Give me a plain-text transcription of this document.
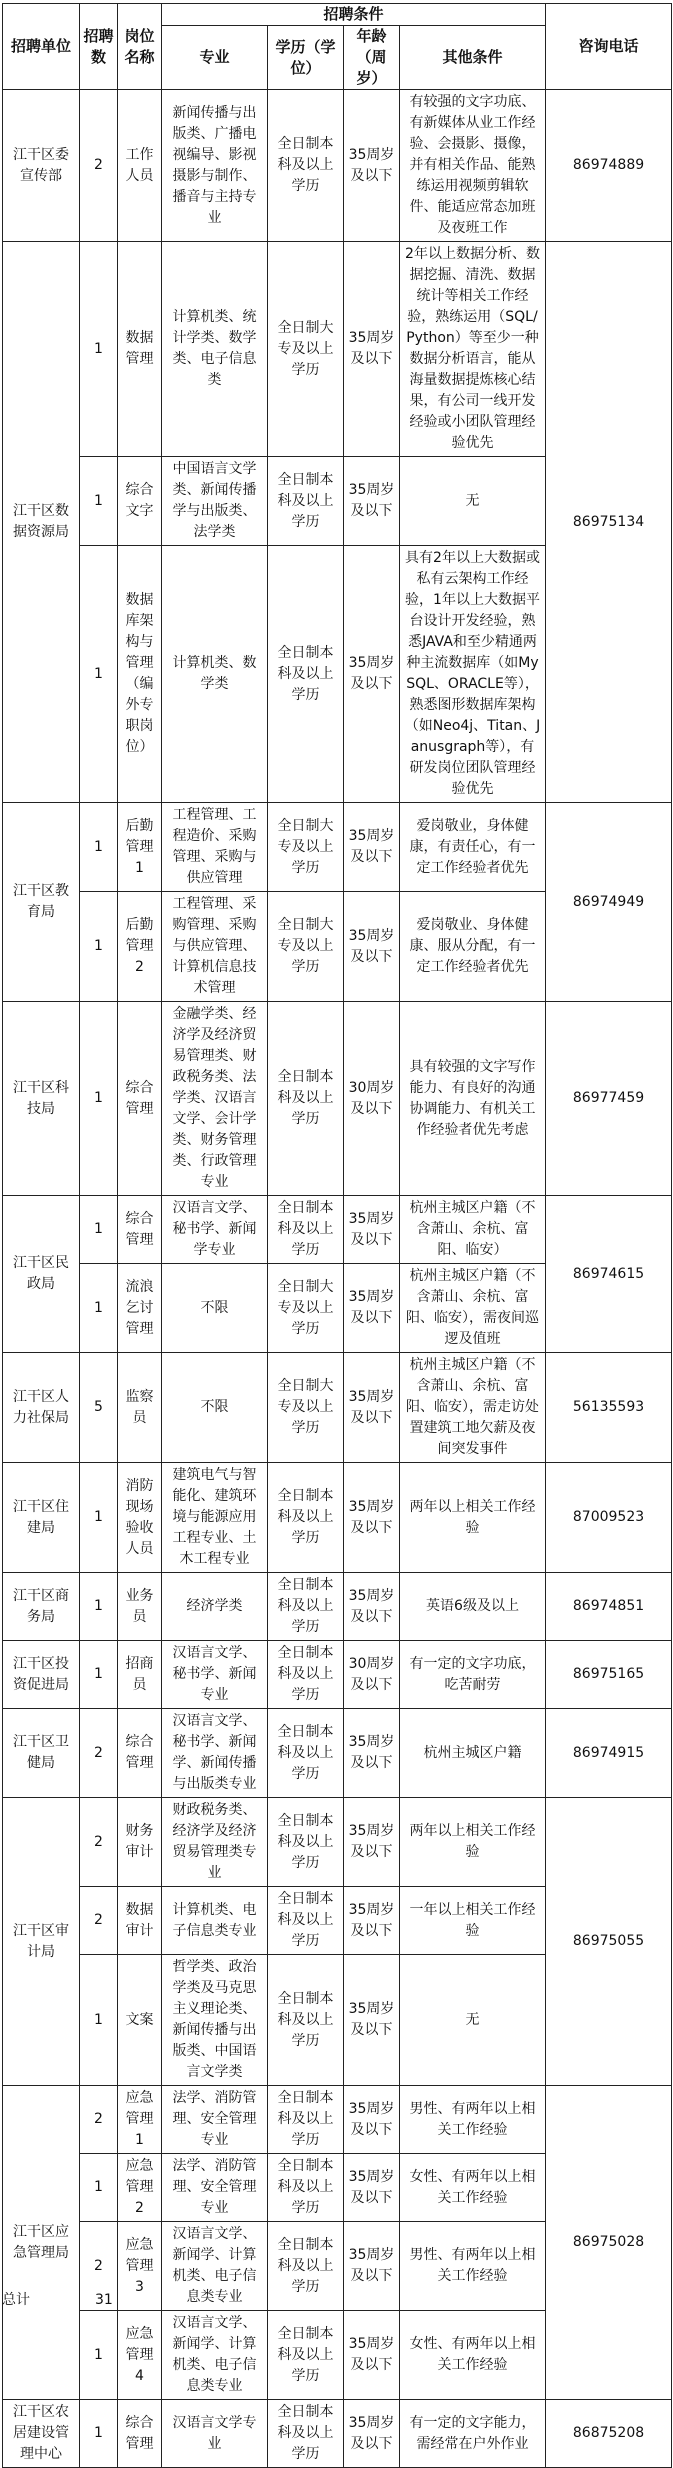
招聘单位	招聘数	岗位名称	招聘条件				咨询电话
			专业	学历（学位）	年龄（周岁）	其他条件	
江干区委宣传部	2	工作人员	新闻传播与出版类、广播电视编导、影视摄影与制作、播音与主持专业	全日制本科及以上学历	35周岁及以下	有较强的文字功底、有新媒体从业工作经验、会摄影、摄像，并有相关作品、能熟练运用视频剪辑软件、能适应常态加班及夜班工作	86974889
江干区数据资源局	1	数据管理	计算机类、统计学类、数学类、电子信息类	全日制大专及以上学历	35周岁及以下	2年以上数据分析、数据挖掘、清洗、数据统计等相关工作经验，熟练运用（SQL/Python）等至少一种数据分析语言，能从海量数据提炼核心结果，有公司一线开发经验或小团队管理经验优先	86975134
	1	综合文字	中国语言文学类、新闻传播学与出版类、法学类	全日制本科及以上学历	35周岁及以下	无	
	1	数据库架构与管理（编外专职岗位）	计算机类、数学类	全日制本科及以上学历	35周岁及以下	具有2年以上大数据或私有云架构工作经验，1年以上大数据平台设计开发经验，熟悉JAVA和至少精通两种主流数据库（如MySQL、ORACLE等），熟悉图形数据库架构（如Neo4j、Titan、Janusgraph等），有研发岗位团队管理经验优先	
江干区教育局	1	后勤管理1	工程管理、工程造价、采购管理、采购与供应管理	全日制大专及以上学历	35周岁及以下	爱岗敬业，身体健康，有责任心，有一定工作经验者优先	86974949
	1	后勤管理2	工程管理、采购管理、采购与供应管理、计算机信息技术管理	全日制大专及以上学历	35周岁及以下	爱岗敬业、身体健康、服从分配，有一定工作经验者优先	
江干区科技局	1	综合管理	金融学类、经济学及经济贸易管理类、财政税务类、法学类、汉语言文学、会计学类、财务管理类、行政管理专业	全日制本科及以上学历	30周岁及以下	具有较强的文字写作能力、有良好的沟通协调能力、有机关工作经验者优先考虑	86977459
江干区民政局	1	综合管理	汉语言文学、秘书学、新闻学专业	全日制本科及以上学历	35周岁及以下	杭州主城区户籍（不含萧山、余杭、富阳、临安）	86974615
	1	流浪乞讨管理	不限	全日制大专及以上学历	35周岁及以下	杭州主城区户籍（不含萧山、余杭、富阳、临安），需夜间巡逻及值班	
江干区人力社保局	5	监察员	不限	全日制大专及以上学历	35周岁及以下	杭州主城区户籍（不含萧山、余杭、富阳、临安），需走访处置建筑工地欠薪及夜间突发事件	56135593
江干区住建局	1	消防现场验收人员	建筑电气与智能化、建筑环境与能源应用工程专业、土木工程专业	全日制本科及以上学历	35周岁及以下	两年以上相关工作经验	87009523
江干区商务局	1	业务员	经济学类	全日制本科及以上学历	35周岁及以下	英语6级及以上	86974851
江干区投资促进局	1	招商员	汉语言文学、秘书学、新闻专业	全日制本科及以上学历	30周岁及以下	有一定的文字功底，吃苦耐劳	86975165
江干区卫健局	2	综合管理	汉语言文学、秘书学、新闻学、新闻传播与出版类专业	全日制本科及以上学历	35周岁及以下	杭州主城区户籍	86974915
江干区审计局	2	财务审计	财政税务类、经济学及经济贸易管理类专业	全日制本科及以上学历	35周岁及以下	两年以上相关工作经验	86975055
	2	数据审计	计算机类、电子信息类专业	全日制本科及以上学历	35周岁及以下	一年以上相关工作经验	
	1	文案	哲学类、政治学类及马克思主义理论类、新闻传播与出版类、中国语言文学类	全日制本科及以上学历	35周岁及以下	无	
江干区应急管理局	2	应急管理1	法学、消防管理、安全管理专业	全日制本科及以上学历	35周岁及以下	男性、有两年以上相关工作经验	86975028
	1	应急管理2	法学、消防管理、安全管理专业	全日制本科及以上学历	35周岁及以下	女性、有两年以上相关工作经验	
	2	应急管理3	汉语言文学、新闻学、计算机类、电子信息类专业	全日制本科及以上学历	35周岁及以下	男性、有两年以上相关工作经验	
	1	应急管理4	汉语言文学、新闻学、计算机类、电子信息类专业	全日制本科及以上学历	35周岁及以下	女性、有两年以上相关工作经验	
江干区农居建设管理中心	1	综合管理	汉语言文学专业	全日制本科及以上学历	35周岁及以下	有一定的文字能力，需经常在户外作业	86875208
总计	31
